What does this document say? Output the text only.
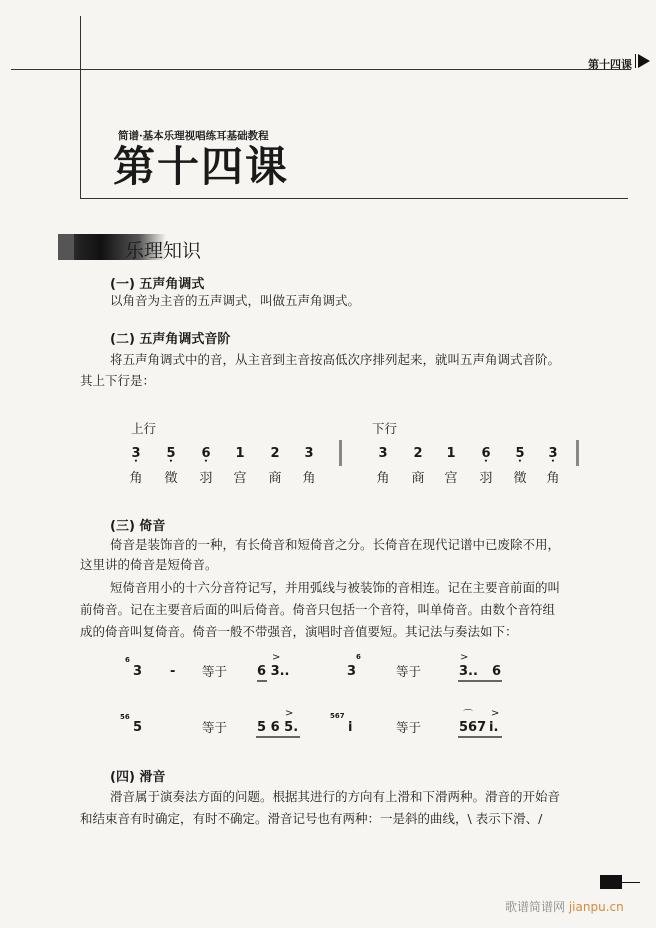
第十四课
简谱·基本乐理视唱练耳基础教程
第十四课
乐理知识
(一) 五声角调式
以角音为主音的五声调式，叫做五声角调式。
(二) 五声角调式音阶
将五声角调式中的音，从主音到主音按高低次序排列起来，就叫五声角调式音阶。
其上下行是：
上行	下行
3 • 5 • 6 • 1 2 3
角 徵 羽 宫 商 角
3 2 1 6 • 5 • 3 •
角 商 宫 羽 徵 角
(三) 倚音
倚音是装饰音的一种，有长倚音和短倚音之分。长倚音在现代记谱中已废除不用，
这里讲的倚音是短倚音。
短倚音用小的十六分音符记写，并用弧线与被装饰的音相连。记在主要音前面的叫
前倚音。记在主要音后面的叫后倚音。倚音只包括一个音符，叫单倚音。由数个音符组
成的倚音叫复倚音。倚音一般不带强音，演唱时音值要短。其记法与奏法如下：
6
3 - 等于 6 3..
>
3
6
等于	3.. 6
>
56
5	等于 5 6 5.
>	567
i	等于	567 i.
⌒ >
(四) 滑音
滑音属于演奏法方面的问题。根据其进行的方向有上滑和下滑两种。滑音的开始音
和结束音有时确定，有时不确定。滑音记号也有两种：一是斜的曲线，\ 表示下滑、/
歌谱简谱网 jianpu.cn
